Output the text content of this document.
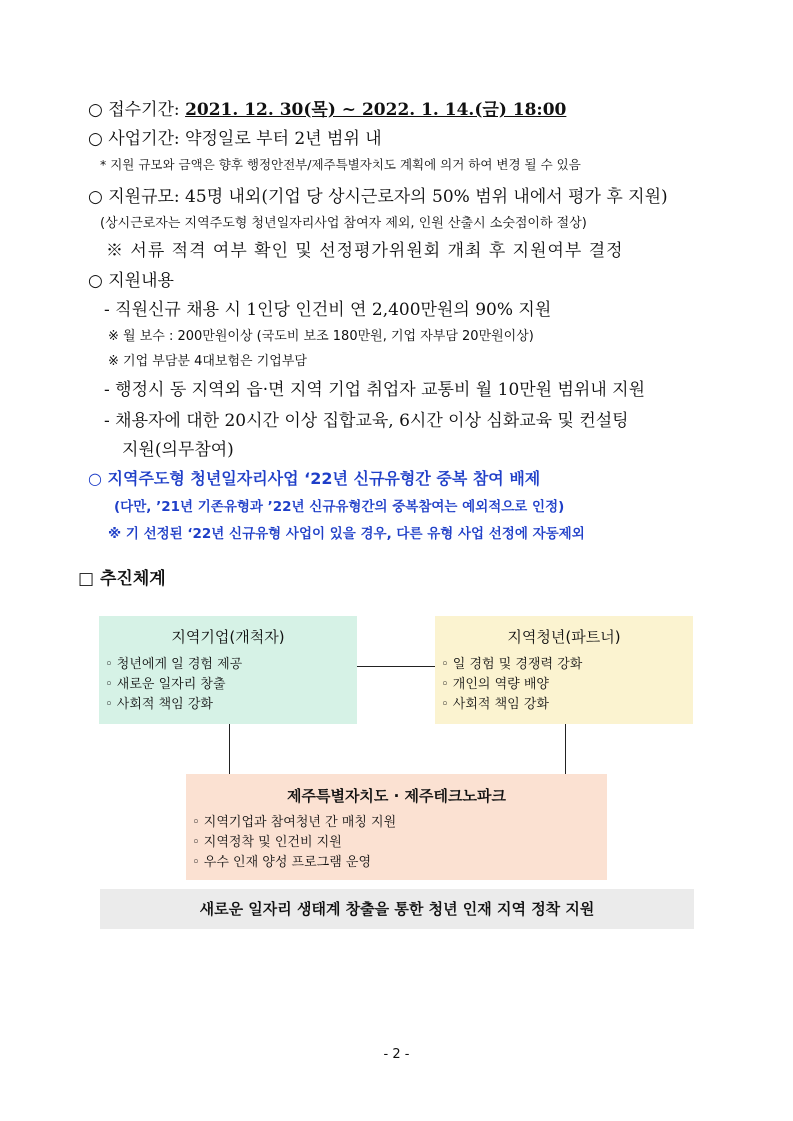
○ 접수기간: 2021. 12. 30(목) ~ 2022. 1. 14.(금) 18:00
○ 사업기간: 약정일로 부터 2년 범위 내
* 지원 규모와 금액은 향후 행정안전부/제주특별자치도 계획에 의거 하여 변경 될 수 있음
○ 지원규모: 45명 내외(기업 당 상시근로자의 50% 범위 내에서 평가 후 지원)
(상시근로자는 지역주도형 청년일자리사업 참여자 제외, 인원 산출시 소숫점이하 절상)
※ 서류 적격 여부 확인 및 선정평가위원회 개최 후 지원여부 결정
○ 지원내용
- 직원신규 채용 시 1인당 인건비 연 2,400만원의 90% 지원
※ 월 보수 : 200만원이상 (국도비 보조 180만원, 기업 자부담 20만원이상)
※ 기업 부담분 4대보험은 기업부담
- 행정시 동 지역외 읍·면 지역 기업 취업자 교통비 월 10만원 범위내 지원
- 채용자에 대한 20시간 이상 집합교육, 6시간 이상 심화교육 및 컨설팅
지원(의무참여)
○ 지역주도형 청년일자리사업 ‘22년 신규유형간 중복 참여 배제
(다만, ’21년 기존유형과 ’22년 신규유형간의 중복참여는 예외적으로 인정)
※ 기 선정된 ‘22년 신규유형 사업이 있을 경우, 다른 유형 사업 선정에 자동제외
□ 추진체계
지역기업(개척자)
◦ 청년에게 일 경험 제공
◦ 새로운 일자리 창출
◦ 사회적 책임 강화
지역청년(파트너)
◦ 일 경험 및 경쟁력 강화
◦ 개인의 역량 배양
◦ 사회적 책임 강화
제주특별자치도 · 제주테크노파크
◦ 지역기업과 참여청년 간 매칭 지원
◦ 지역정착 및 인건비 지원
◦ 우수 인재 양성 프로그램 운영
새로운 일자리 생태계 창출을 통한 청년 인재 지역 정착 지원
- 2 -
